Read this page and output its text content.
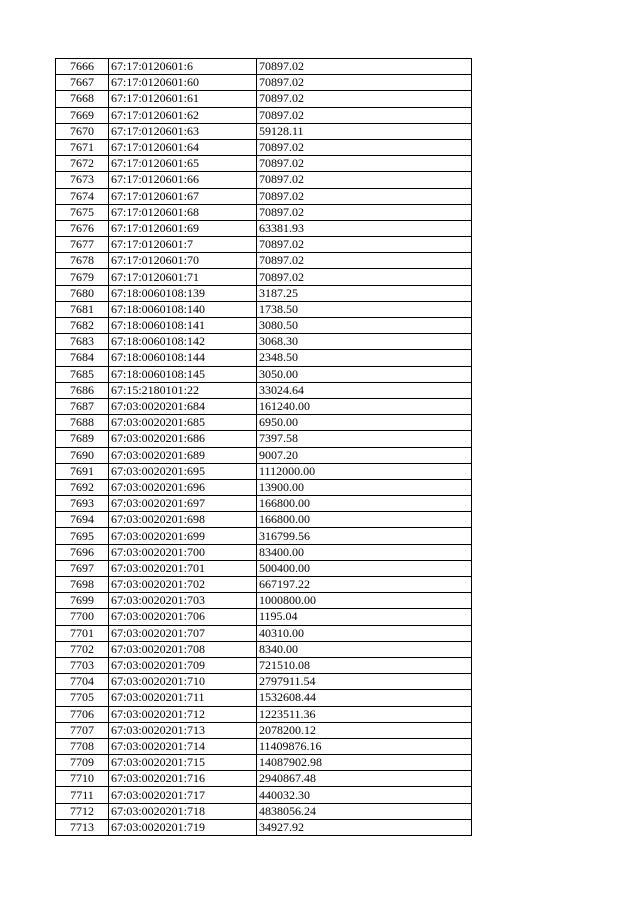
7666	67:17:0120601:6	70897.02
7667	67:17:0120601:60	70897.02
7668	67:17:0120601:61	70897.02
7669	67:17:0120601:62	70897.02
7670	67:17:0120601:63	59128.11
7671	67:17:0120601:64	70897.02
7672	67:17:0120601:65	70897.02
7673	67:17:0120601:66	70897.02
7674	67:17:0120601:67	70897.02
7675	67:17:0120601:68	70897.02
7676	67:17:0120601:69	63381.93
7677	67:17:0120601:7	70897.02
7678	67:17:0120601:70	70897.02
7679	67:17:0120601:71	70897.02
7680	67:18:0060108:139	3187.25
7681	67:18:0060108:140	1738.50
7682	67:18:0060108:141	3080.50
7683	67:18:0060108:142	3068.30
7684	67:18:0060108:144	2348.50
7685	67:18:0060108:145	3050.00
7686	67:15:2180101:22	33024.64
7687	67:03:0020201:684	161240.00
7688	67:03:0020201:685	6950.00
7689	67:03:0020201:686	7397.58
7690	67:03:0020201:689	9007.20
7691	67:03:0020201:695	1112000.00
7692	67:03:0020201:696	13900.00
7693	67:03:0020201:697	166800.00
7694	67:03:0020201:698	166800.00
7695	67:03:0020201:699	316799.56
7696	67:03:0020201:700	83400.00
7697	67:03:0020201:701	500400.00
7698	67:03:0020201:702	667197.22
7699	67:03:0020201:703	1000800.00
7700	67:03:0020201:706	1195.04
7701	67:03:0020201:707	40310.00
7702	67:03:0020201:708	8340.00
7703	67:03:0020201:709	721510.08
7704	67:03:0020201:710	2797911.54
7705	67:03:0020201:711	1532608.44
7706	67:03:0020201:712	1223511.36
7707	67:03:0020201:713	2078200.12
7708	67:03:0020201:714	11409876.16
7709	67:03:0020201:715	14087902.98
7710	67:03:0020201:716	2940867.48
7711	67:03:0020201:717	440032.30
7712	67:03:0020201:718	4838056.24
7713	67:03:0020201:719	34927.92
